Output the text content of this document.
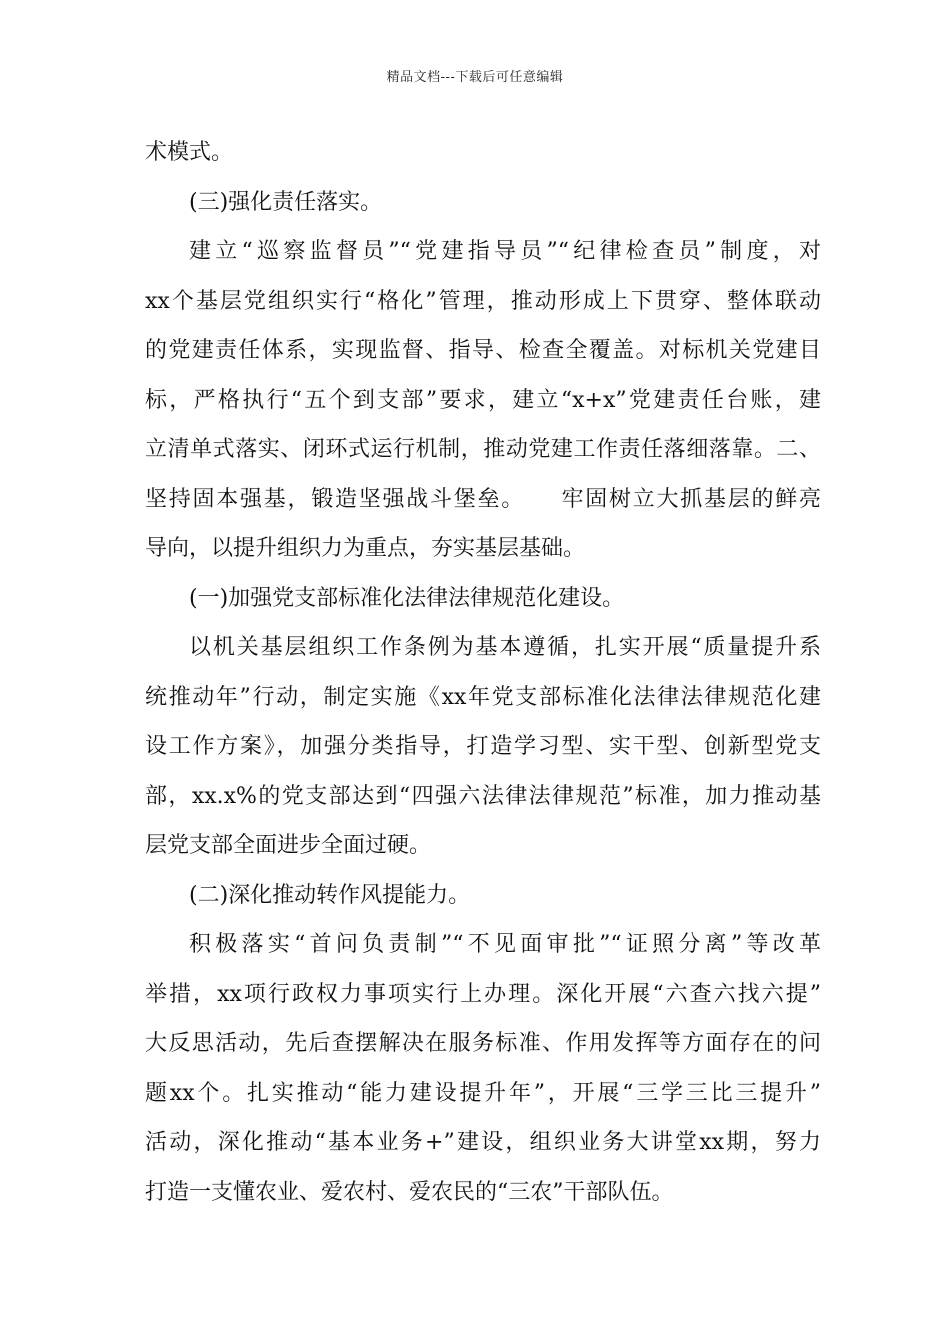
精品文档---下载后可任意编辑
术模式。
(三)强化责任落实。
建立“巡察监督员”“党建指导员”“纪律检查员”制度，对
xx个基层党组织实行“格化”管理，推动形成上下贯穿、整体联动
的党建责任体系，实现监督、指导、检查全覆盖。对标机关党建目
标，严格执行“五个到支部”要求，建立“x+x”党建责任台账，建
立清单式落实、闭环式运行机制，推动党建工作责任落细落靠。二、
坚持固本强基，锻造坚强战斗堡垒。　　牢固树立大抓基层的鲜亮
导向，以提升组织力为重点，夯实基层基础。
(一)加强党支部标准化法律法律规范化建设。
以机关基层组织工作条例为基本遵循，扎实开展“质量提升系
统推动年”行动，制定实施《xx年党支部标准化法律法律规范化建
设工作方案》，加强分类指导，打造学习型、实干型、创新型党支
部，xx.x%的党支部达到“四强六法律法律规范”标准，加力推动基
层党支部全面进步全面过硬。
(二)深化推动转作风提能力。
积极落实“首问负责制”“不见面审批”“证照分离”等改革
举措，xx项行政权力事项实行上办理。深化开展“六查六找六提”
大反思活动，先后查摆解决在服务标准、作用发挥等方面存在的问
题xx个。扎实推动“能力建设提升年”，开展“三学三比三提升”
活动，深化推动“基本业务+”建设，组织业务大讲堂xx期，努力
打造一支懂农业、爱农村、爱农民的“三农”干部队伍。
